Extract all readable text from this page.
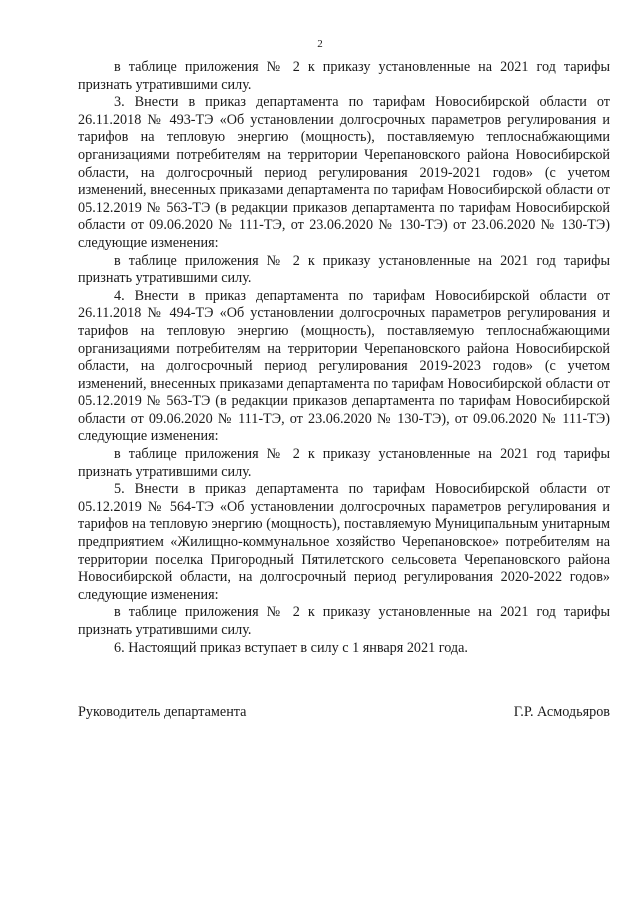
2

в таблице приложения № 2 к приказу установленные на 2021 год тарифы признать утратившими силу.

3. Внести в приказ департамента по тарифам Новосибирской области от 26.11.2018 № 493-ТЭ «Об установлении долгосрочных параметров регулирования и тарифов на тепловую энергию (мощность), поставляемую теплоснабжающими организациями потребителям на территории Черепановского района Новосибирской области, на долгосрочный период регулирования 2019-2021 годов» (с учетом изменений, внесенных приказами департамента по тарифам Новосибирской области от 05.12.2019 № 563-ТЭ (в редакции приказов департамента по тарифам Новосибирской области от 09.06.2020 № 111-ТЭ, от 23.06.2020 № 130-ТЭ) от 23.06.2020 № 130-ТЭ) следующие изменения:

в таблице приложения № 2 к приказу установленные на 2021 год тарифы признать утратившими силу.

4. Внести в приказ департамента по тарифам Новосибирской области от 26.11.2018 № 494-ТЭ «Об установлении долгосрочных параметров регулирования и тарифов на тепловую энергию (мощность), поставляемую теплоснабжающими организациями потребителям на территории Черепановского района Новосибирской области, на долгосрочный период регулирования 2019-2023 годов» (с учетом изменений, внесенных приказами департамента по тарифам Новосибирской области от 05.12.2019 № 563-ТЭ (в редакции приказов департамента по тарифам Новосибирской области от 09.06.2020 № 111-ТЭ, от 23.06.2020 № 130-ТЭ), от 09.06.2020 № 111-ТЭ) следующие изменения:

в таблице приложения № 2 к приказу установленные на 2021 год тарифы признать утратившими силу.

5. Внести в приказ департамента по тарифам Новосибирской области от 05.12.2019 № 564-ТЭ «Об установлении долгосрочных параметров регулирования и тарифов на тепловую энергию (мощность), поставляемую Муниципальным унитарным предприятием «Жилищно-коммунальное хозяйство Черепановское» потребителям на территории поселка Пригородный Пятилетского сельсовета Черепановского района Новосибирской области, на долгосрочный период регулирования 2020-2022 годов» следующие изменения:

в таблице приложения № 2 к приказу установленные на 2021 год тарифы признать утратившими силу.

6. Настоящий приказ вступает в силу с 1 января 2021 года.

Руководитель департамента	Г.Р. Асмодьяров
